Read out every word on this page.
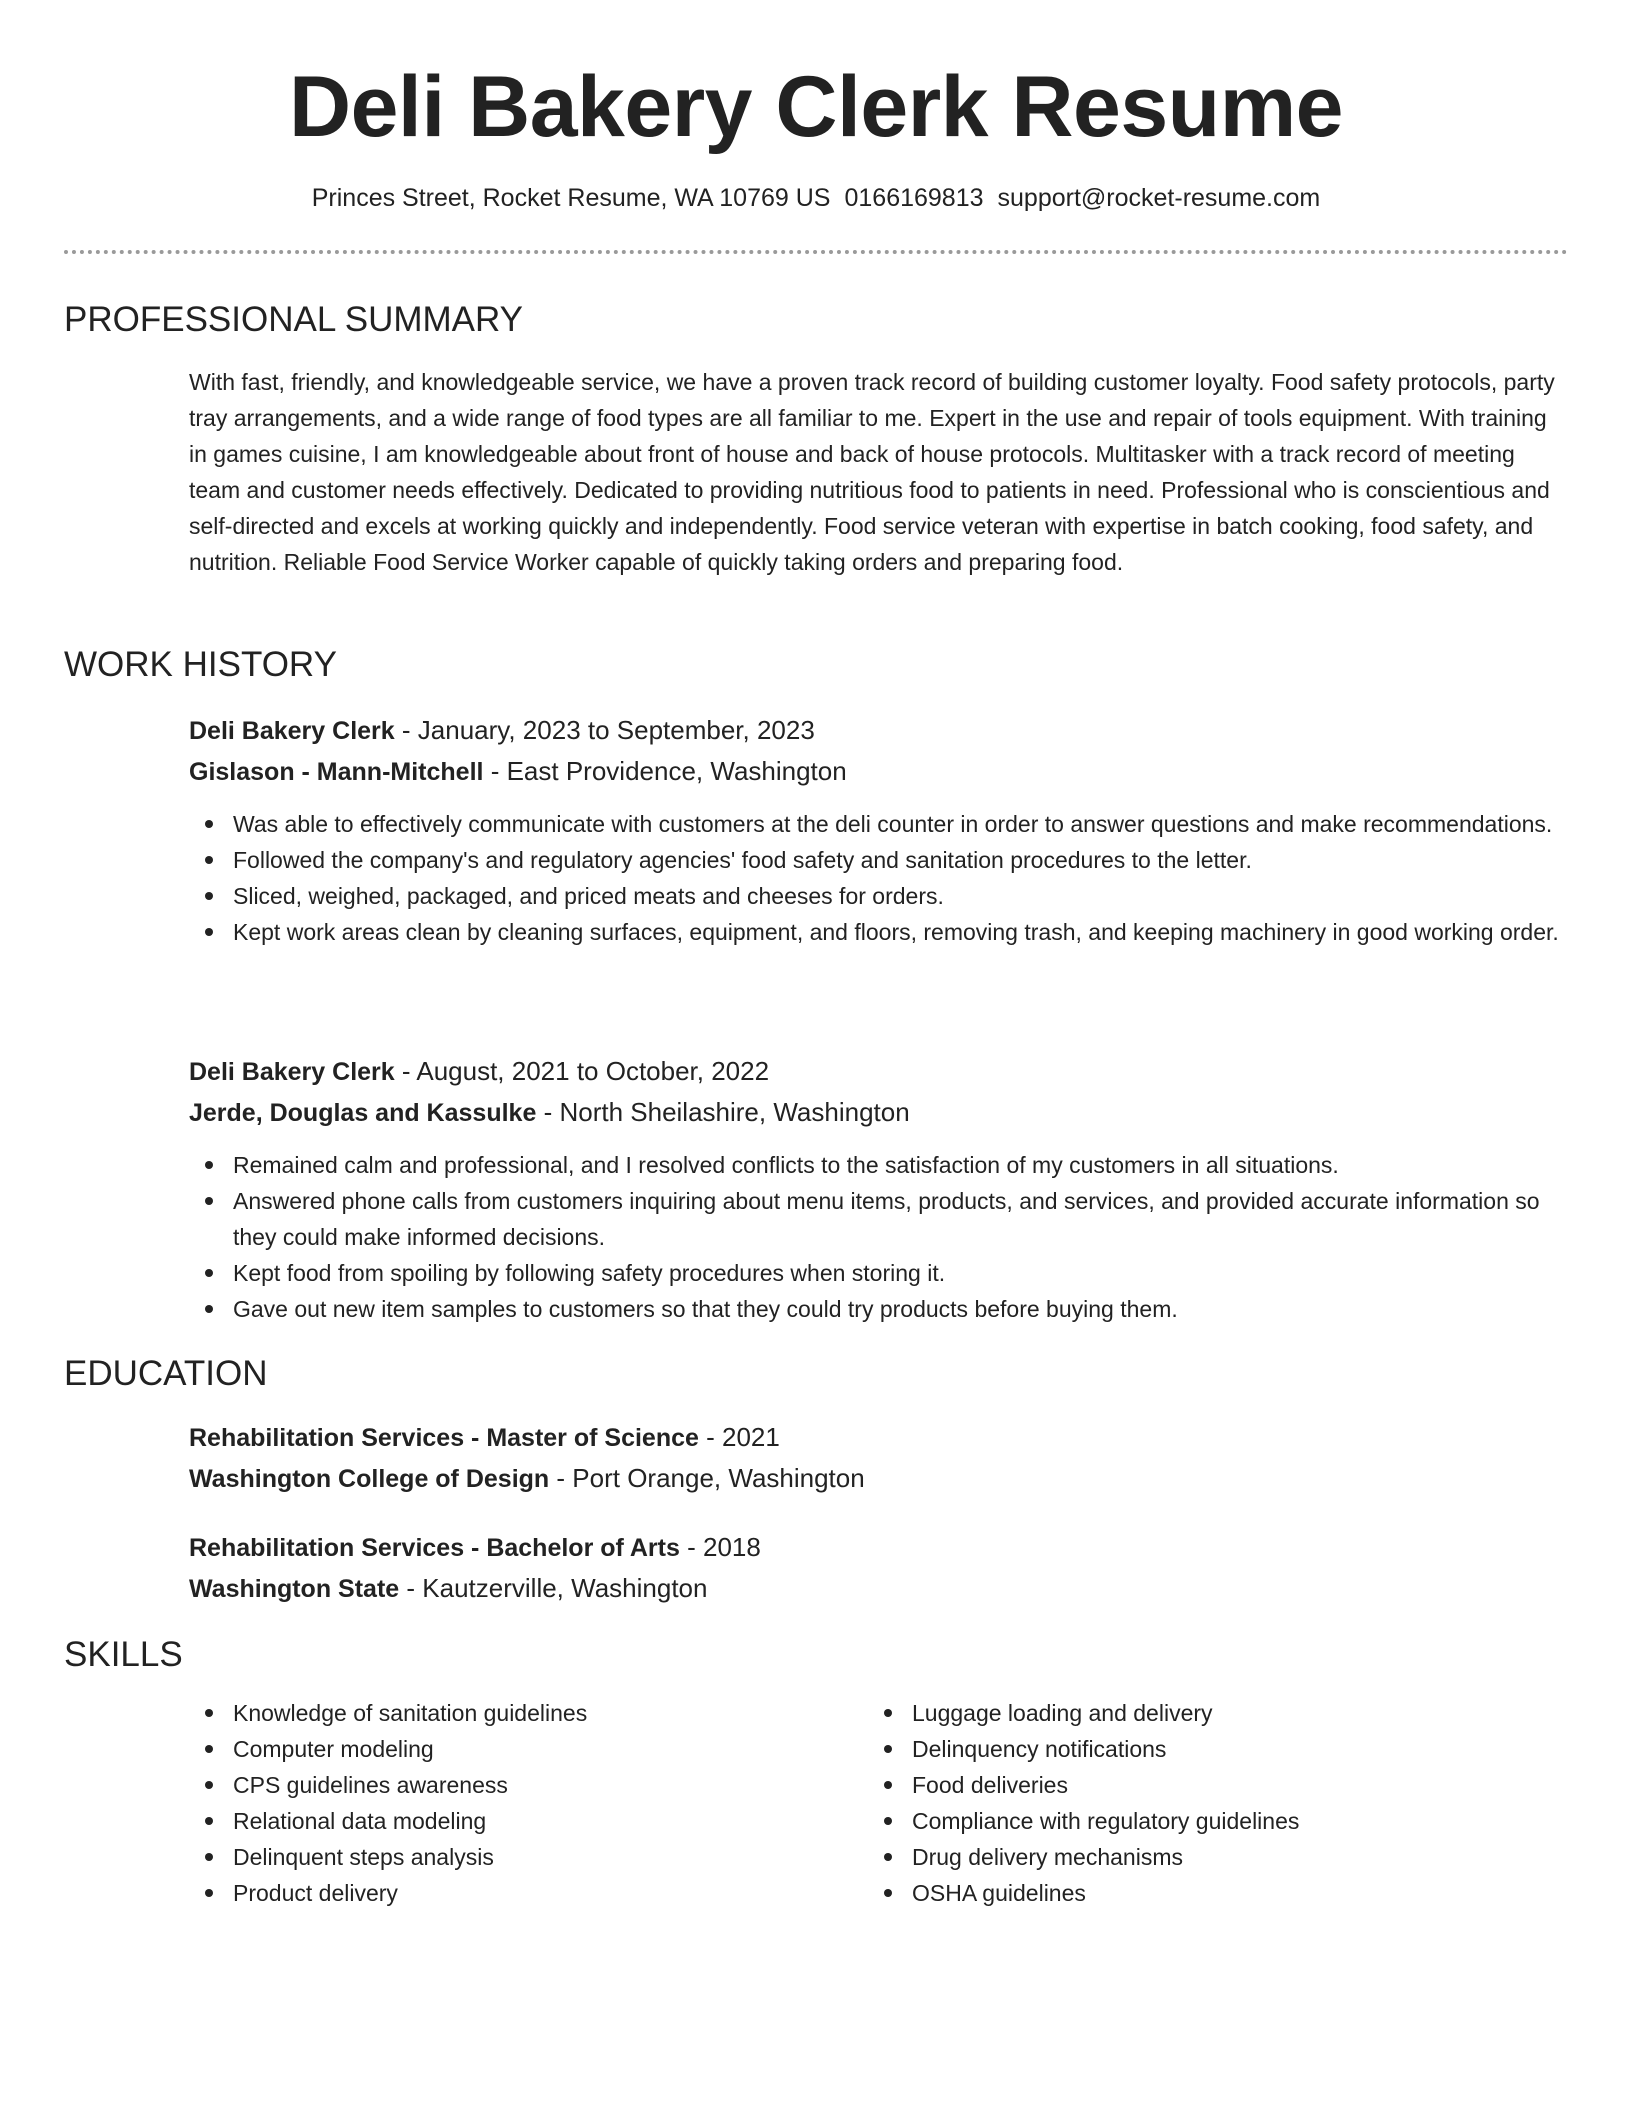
Deli Bakery Clerk Resume
Princes Street, Rocket Resume, WA 10769 US 0166169813 support@rocket-resume.com
PROFESSIONAL SUMMARY

With fast, friendly, and knowledgeable service, we have a proven track record of building customer loyalty. Food safety protocols, party tray arrangements, and a wide range of food types are all familiar to me. Expert in the use and repair of tools equipment. With training in games cuisine, I am knowledgeable about front of house and back of house protocols. Multitasker with a track record of meeting team and customer needs effectively. Dedicated to providing nutritious food to patients in need. Professional who is conscientious and self-directed and excels at working quickly and independently. Food service veteran with expertise in batch cooking, food safety, and nutrition. Reliable Food Service Worker capable of quickly taking orders and preparing food.

WORK HISTORY

Deli Bakery Clerk - January, 2023 to September, 2023

Gislason - Mann-Mitchell - East Providence, Washington

Was able to effectively communicate with customers at the deli counter in order to answer questions and make recommendations.
Followed the company's and regulatory agencies' food safety and sanitation procedures to the letter.
Sliced, weighed, packaged, and priced meats and cheeses for orders.
Kept work areas clean by cleaning surfaces, equipment, and floors, removing trash, and keeping machinery in good working order.

Deli Bakery Clerk - August, 2021 to October, 2022

Jerde, Douglas and Kassulke - North Sheilashire, Washington

Remained calm and professional, and I resolved conflicts to the satisfaction of my customers in all situations.
Answered phone calls from customers inquiring about menu items, products, and services, and provided accurate information so they could make informed decisions.
Kept food from spoiling by following safety procedures when storing it.
Gave out new item samples to customers so that they could try products before buying them.
EDUCATION

Rehabilitation Services - Master of Science - 2021

Washington College of Design - Port Orange, Washington

Rehabilitation Services - Bachelor of Arts - 2018

Washington State - Kautzerville, Washington

SKILLS
Knowledge of sanitation guidelines
Computer modeling
CPS guidelines awareness
Relational data modeling
Delinquent steps analysis
Product delivery
Luggage loading and delivery
Delinquency notifications
Food deliveries
Compliance with regulatory guidelines
Drug delivery mechanisms
OSHA guidelines
